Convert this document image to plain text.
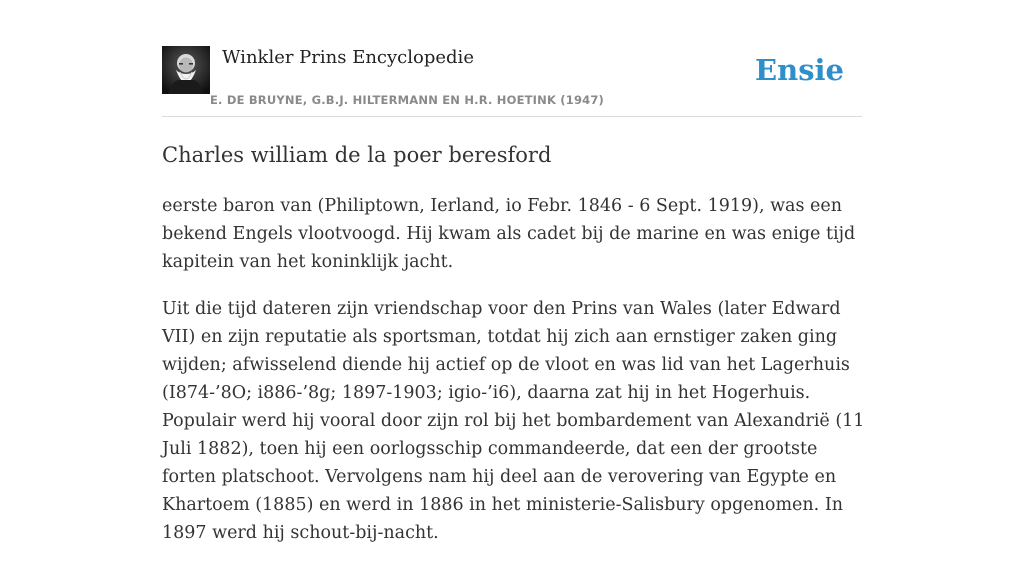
Winkler Prins Encyclopedie
E. DE BRUYNE, G.B.J. HILTERMANN EN H.R. HOETINK (1947)
Ensie
Charles william de la poer beresford

eerste baron van (Philiptown, Ierland, io Febr. 1846 - 6 Sept. 1919), was een bekend Engels vlootvoogd. Hij kwam als cadet bij de marine en was enige tijd kapitein van het koninklijk jacht.

Uit die tijd dateren zijn vriendschap voor den Prins van Wales (later Edward VII) en zijn reputatie als sportsman, totdat hij zich aan ernstiger zaken ging wijden; afwisselend diende hij actief op de vloot en was lid van het Lagerhuis (I874-’8O; i886-’8g; 1897-1903; igio-’i6), daarna zat hij in het Hogerhuis. Populair werd hij vooral door zijn rol bij het bombardement van Alexandrië (11 Juli 1882), toen hij een oorlogsschip commandeerde, dat een der grootste forten platschoot. Vervolgens nam hij deel aan de verovering van Egypte en Khartoem (1885) en werd in 1886 in het ministerie-Salisbury opgenomen. In 1897 werd hij schout-bij-nacht.
